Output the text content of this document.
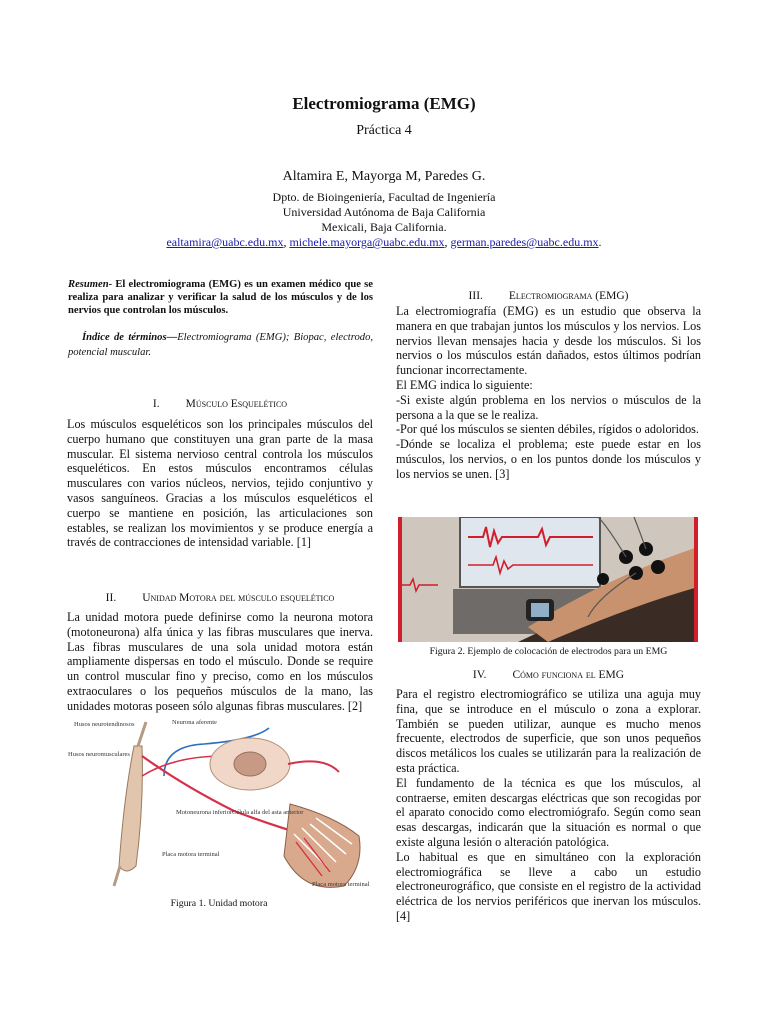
Electromiograma (EMG)
Práctica 4
Altamira E, Mayorga M, Paredes G.
Dpto. de Bioingeniería, Facultad de Ingeniería
Universidad Autónoma de Baja California
Mexicali, Baja California.
ealtamira@uabc.edu.mx, michele.mayorga@uabc.edu.mx, german.paredes@uabc.edu.mx.
Resumen- El electromiograma (EMG) es un examen médico que se realiza para analizar y verificar la salud de los músculos y de los nervios que controlan los músculos.
Índice de términos—Electromiograma (EMG); Biopac, electrodo, potencial muscular.
I. Músculo Esquelético
Los músculos esqueléticos son los principales músculos del cuerpo humano que constituyen una gran parte de la masa muscular. El sistema nervioso central controla los músculos esqueléticos. En estos músculos encontramos células musculares con varios núcleos, nervios, tejido conjuntivo y vasos sanguíneos. Gracias a los músculos esqueléticos el cuerpo se mantiene en posición, las articulaciones son estables, se realizan los movimientos y se produce energía a través de contracciones de intensidad variable. [1]
II. Unidad Motora del músculo esquelético
La unidad motora puede definirse como la neurona motora (motoneurona) alfa única y las fibras musculares que inerva. Las fibras musculares de una sola unidad motora están ampliamente dispersas en todo el músculo. Donde se require un control muscular fino y preciso, como en los músculos extraoculares o los pequeños músculos de la mano, las unidades motoras poseen sólo algunas fibras musculares. [2]
Husos neurotendinosos	Neurona aferente
Husos neuromusculares
Motoneurona inferior Célula alfa del asta anterior
Placa motora terminal
Placa motora terminal
Figura 1. Unidad motora
III. Electromiograma (EMG)
La electromiografía (EMG) es un estudio que observa la manera en que trabajan juntos los músculos y los nervios. Los nervios llevan mensajes hacia y desde los músculos. Si los nervios o los músculos están dañados, estos últimos podrían funcionar incorrectamente.
El EMG indica lo siguiente:
-Si existe algún problema en los nervios o músculos de la persona a la que se le realiza.
-Por qué los músculos se sienten débiles, rígidos o adoloridos.
-Dónde se localiza el problema; este puede estar en los músculos, los nervios, o en los puntos donde los músculos y los nervios se unen. [3]
Figura 2. Ejemplo de colocación de electrodos para un EMG
IV. Cómo funciona el EMG
Para el registro electromiográfico se utiliza una aguja muy fina, que se introduce en el músculo o zona a explorar. También se pueden utilizar, aunque es mucho menos frecuente, electrodos de superficie, que son unos pequeños discos metálicos los cuales se utilizarán para la realización de esta práctica.
El fundamento de la técnica es que los músculos, al contraerse, emiten descargas eléctricas que son recogidas por el aparato conocido como electromiógrafo. Según como sean esas descargas, indicarán que la situación es normal o que existe alguna lesión o alteración patológica.
Lo habitual es que en simultáneo con la exploración electromiográfica se lleve a cabo un estudio electroneurográfico, que consiste en el registro de la actividad eléctrica de los nervios periféricos que inervan los músculos. [4]
